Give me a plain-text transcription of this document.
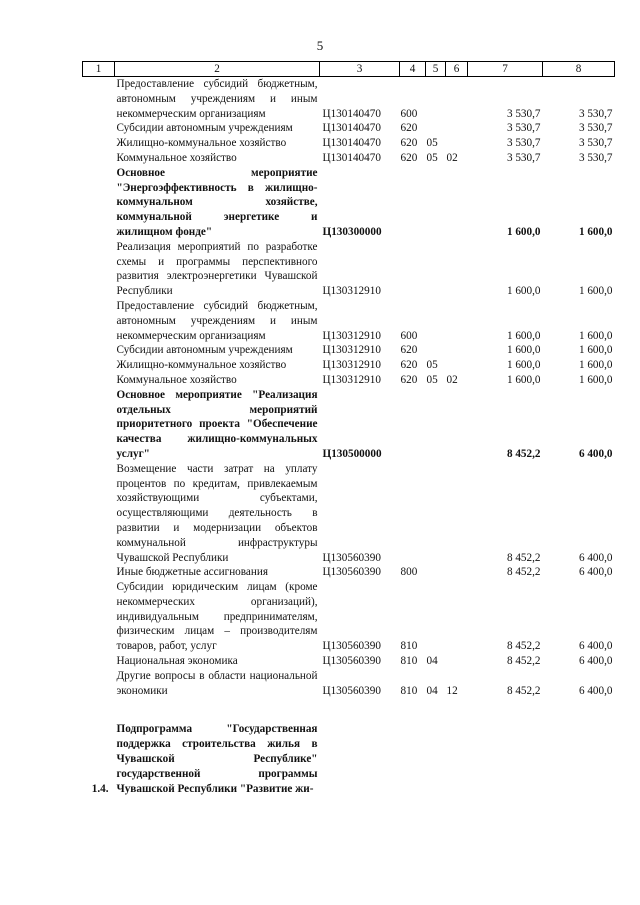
5
1	2	3	4	5	6	7	8
	Предоставление субсидий бюджетным, автономным учреждениям и иным некоммерческим организациям	Ц130140470	600			3 530,7	3 530,7
	Субсидии автономным учреждениям	Ц130140470	620			3 530,7	3 530,7
	Жилищно-коммунальное хозяйство	Ц130140470	620	05		3 530,7	3 530,7
	Коммунальное хозяйство	Ц130140470	620	05	02	3 530,7	3 530,7
	Основное мероприятие "Энергоэффективность в жилищно-коммунальном хозяйстве, коммунальной энергетике и жилищном фонде"	Ц130300000				1 600,0	1 600,0
	Реализация мероприятий по разработке схемы и программы перспективного развития электроэнергетики Чувашской Республики	Ц130312910				1 600,0	1 600,0
	Предоставление субсидий бюджетным, автономным учреждениям и иным некоммерческим организациям	Ц130312910	600			1 600,0	1 600,0
	Субсидии автономным учреждениям	Ц130312910	620			1 600,0	1 600,0
	Жилищно-коммунальное хозяйство	Ц130312910	620	05		1 600,0	1 600,0
	Коммунальное хозяйство	Ц130312910	620	05	02	1 600,0	1 600,0
	Основное мероприятие "Реализация отдельных мероприятий приоритетного проекта "Обеспечение качества жилищно-коммунальных услуг"	Ц130500000				8 452,2	6 400,0
	Возмещение части затрат на уплату процентов по кредитам, привлекаемым хозяйствующими субъектами, осуществляющими деятельность в развитии и модернизации объектов коммунальной инфраструктуры Чувашской Республики	Ц130560390				8 452,2	6 400,0
	Иные бюджетные ассигнования	Ц130560390	800			8 452,2	6 400,0
	Субсидии юридическим лицам (кроме некоммерческих организаций), индивидуальным предпринимателям, физическим лицам – производителям товаров, работ, услуг	Ц130560390	810			8 452,2	6 400,0
	Национальная экономика	Ц130560390	810	04		8 452,2	6 400,0
	Другие вопросы в области национальной экономики	Ц130560390	810	04	12	8 452,2	6 400,0

1.4.	Подпрограмма "Государственная поддержка строительства жилья в Чувашской Республике" государственной программы Чувашской Республики "Развитие жи-						
